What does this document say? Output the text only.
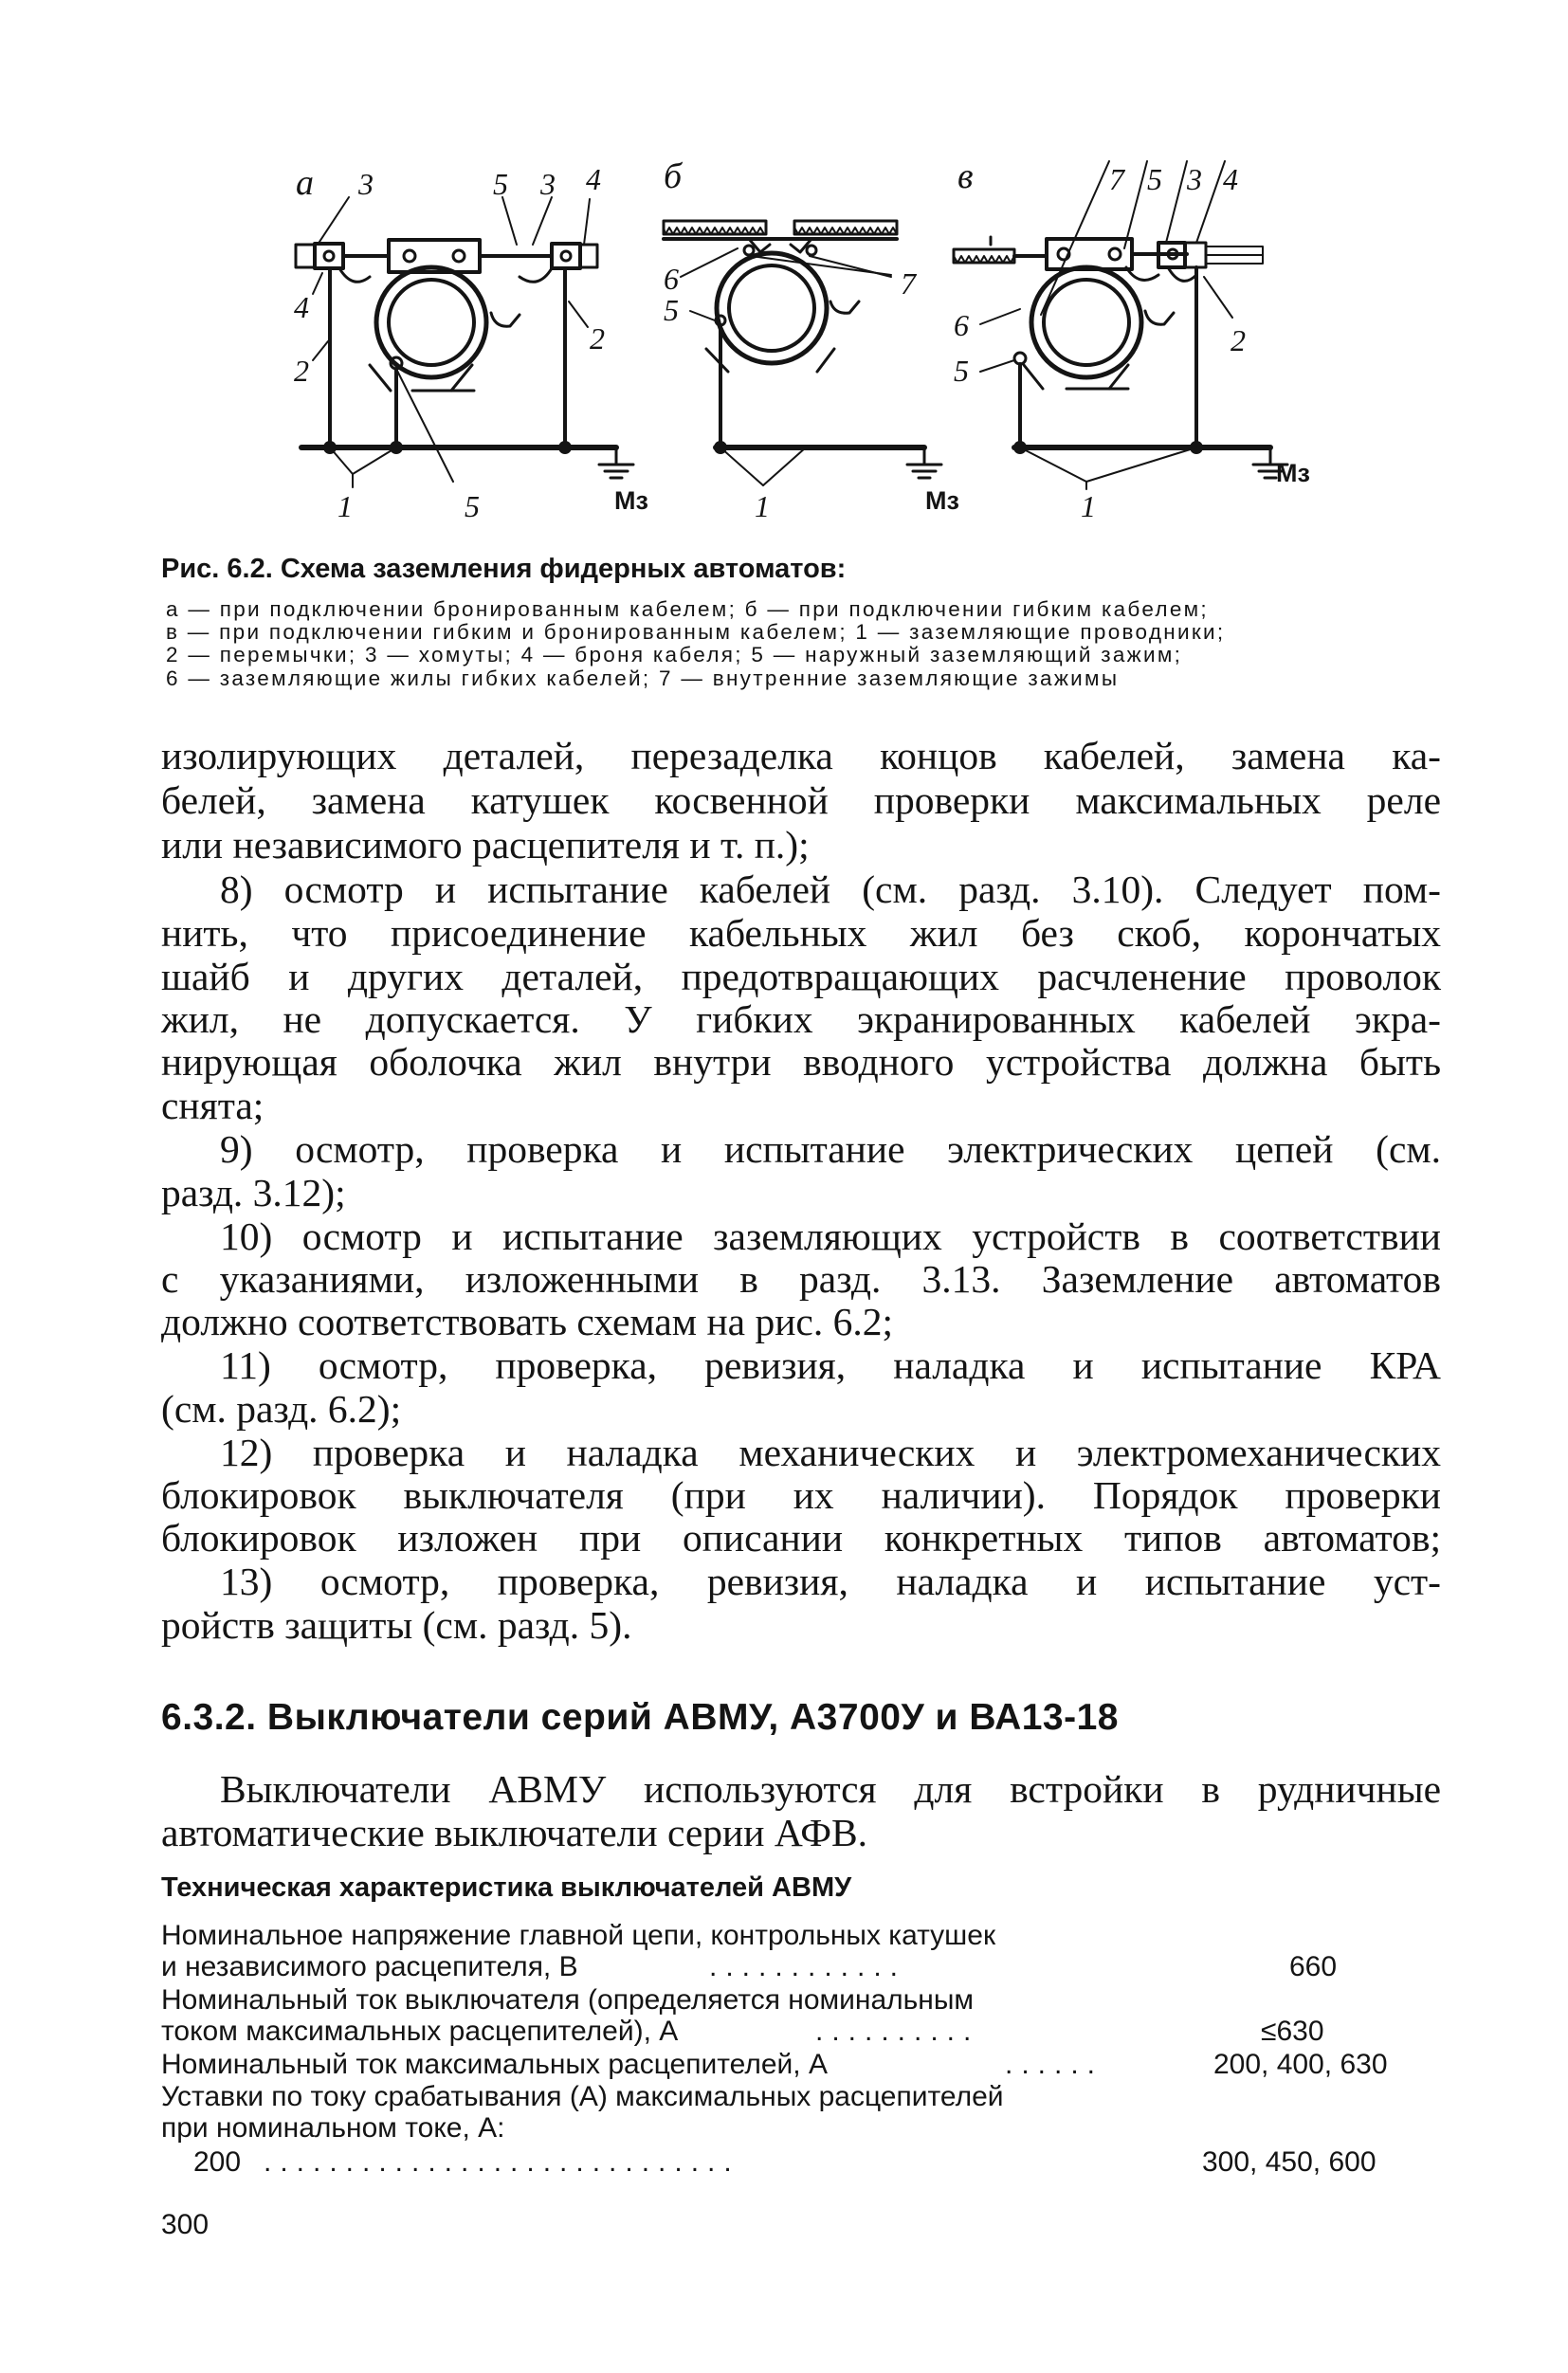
а	б	в
3	5 3 4
4
2
2
1	5	Мз
6
5
7
1	Мз
7 5 3 4
6
5
2
1
Мз
Рис. 6.2. Схема заземления фидерных автоматов:
а — при подключении бронированным кабелем; б — при подключении гибким кабелем;
в — при подключении гибким и бронированным кабелем; 1 — заземляющие проводники;
2 — перемычки; 3 — хомуты; 4 — броня кабеля; 5 — наружный заземляющий зажим;
6 — заземляющие жилы гибких кабелей; 7 — внутренние заземляющие зажимы
изолирующих деталей, перезаделка концов кабелей, замена ка-
белей, замена катушек косвенной проверки максимальных реле
или независимого расцепителя и т. п.);
8) осмотр и испытание кабелей (см. разд. 3.10). Следует пом-
нить, что присоединение кабельных жил без скоб, корончатых
шайб и других деталей, предотвращающих расчленение проволок
жил, не допускается. У гибких экранированных кабелей экра-
нирующая оболочка жил внутри вводного устройства должна быть
снята;
9) осмотр, проверка и испытание электрических цепей (см.
разд. 3.12);
10) осмотр и испытание заземляющих устройств в соответствии
с указаниями, изложенными в разд. 3.13. Заземление автоматов
должно соответствовать схемам на рис. 6.2;
11) осмотр, проверка, ревизия, наладка и испытание КРА
(см. разд. 6.2);
12) проверка и наладка механических и электромеханических
блокировок выключателя (при их наличии). Порядок проверки
блокировок изложен при описании конкретных типов автоматов;
13) осмотр, проверка, ревизия, наладка и испытание уст-
ройств защиты (см. разд. 5).
6.3.2. Выключатели серий АВМУ, А3700У и ВА13-18
Выключатели АВМУ используются для встройки в рудничные
автоматические выключатели серии АФВ.
Техническая характеристика выключателей АВМУ
Номинальное напряжение главной цепи, контрольных катушек
и независимого расцепителя, В	............	660
Номинальный ток выключателя (определяется номинальным
током максимальных расцепителей), А	..........	≤630
Номинальный ток максимальных расцепителей, А	......	200, 400, 630
Уставки по току срабатывания (А) максимальных расцепителей
при номинальном токе, А:
200 .............................	300, 450, 600
300
